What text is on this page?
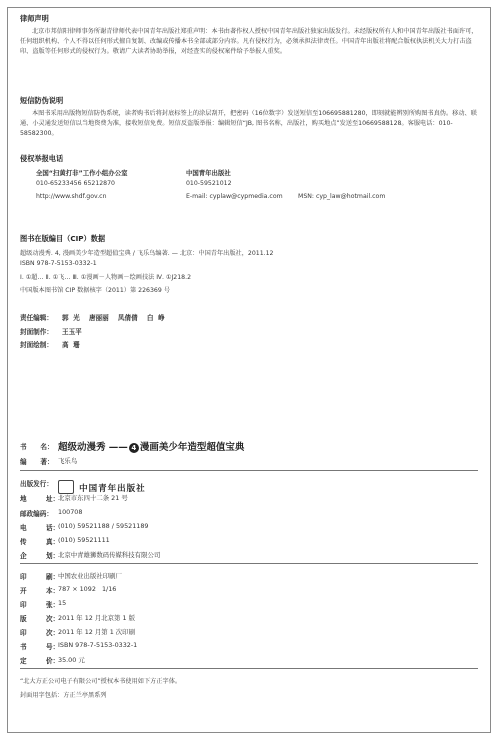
律师声明
北京市邦信阳律师事务所谢青律师代表中国青年出版社郑重声明：本书由著作权人授权中国青年出版社独家出版发行。未经版权所有人和中国青年出版社书面许可，任何组织机构、个人不得以任何形式擅自复制、改编或传播本书全部或部分内容。凡有侵权行为，必须承担法律责任。中国青年出版社将配合版权执法机关大力打击盗印、盗版等任何形式的侵权行为。敬请广大读者协助举报，对经查实的侵权案件给予举报人重奖。
短信防伪说明
本图书采用出版物短信防伪系统，读者购书后将封底标签上的涂层刮开，把密码（16位数字）发送短信至106695881280，即刻就能辨别所购图书真伪。移动、联通、小灵通发送短信以当地资费为准，接收短信免费。短信反盗版举报：编辑短信“JB, 图书名称，出版社，购买地点”发送至10669588128。客服电话：010-58582300。
侵权举报电话
全国“扫黄打非”工作小组办公室
010-65233456 65212870
http://www.shdf.gov.cn
中国青年出版社
010-59521012
E-mail: cyplaw@cypmedia.com MSN: cyp_law@hotmail.com
图书在版编目（CIP）数据
超级动漫秀. 4, 漫画美少年造型超值宝典 / 飞乐鸟编著. — 北京：中国青年出版社，2011.12
ISBN 978-7-5153-0332-1
Ⅰ. ①超… Ⅱ. ①飞… Ⅲ. ①漫画－人物画－绘画技法 Ⅳ. ①J218.2
中国版本图书馆 CIP 数据核字（2011）第 226369 号
责任编辑： 郭  光    唐丽丽    凤倩倩    白  峥
封面制作： 王玉平
封面绘制： 高  珊
书      名： 超级动漫秀 —— 4 漫画美少年造型超值宝典
编      著： 飞乐鸟
出版发行：	中国青年出版社
地	址：
北京市东四十二条 21 号
邮政编码： 100708
电	话：
(010) 59521188 / 59521189
传	真：
(010) 59521111
企	划：
北京中青雄狮数码传媒科技有限公司
印	刷：
中国农业出版社印刷厂
开	本：
787 × 1092   1/16
印	张：
15
版	次：
2011 年 12 月北京第 1 版
印	次：
2011 年 12 月第 1 次印刷
书	号：
ISBN 978-7-5153-0332-1
定	价：
35.00 元
“北大方正公司电子有限公司”授权本书使用如下方正字体。
封面用字包括：方正兰亭黑系列
